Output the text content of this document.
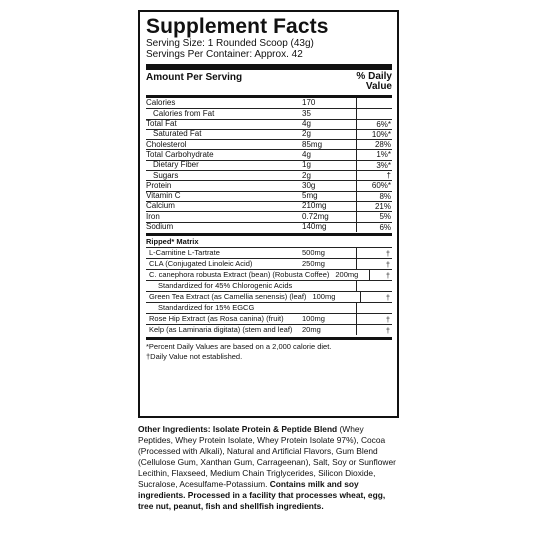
Supplement Facts
Serving Size: 1 Rounded Scoop (43g)
Servings Per Container: Approx. 42
Amount Per Serving	% Daily
Value
Calories	170
Calories from Fat	35
Total Fat	4g	6%*
Saturated Fat	2g	10%*
Cholesterol	85mg	28%
Total Carbohydrate	4g	1%*
Dietary Fiber	1g	3%*
Sugars	2g	†
Protein	30g	60%*
Vitamin C	5mg	8%
Calcium	210mg	21%
Iron	0.72mg	5%
Sodium	140mg	6%
Ripped* Matrix
L-Carnitine L-Tartrate	500mg	†
CLA (Conjugated Linoleic Acid)	250mg	†
C. canephora robusta Extract (bean) (Robusta Coffee) 200mg	†
Standardized for 45% Chlorogenic Acids
Green Tea Extract (as Camellia senensis) (leaf) 100mg	†
Standardized for 15% EGCG
Rose Hip Extract (as Rosa canina) (fruit)	100mg	†
Kelp (as Laminaria digitata) (stem and leaf)	20mg	†
*Percent Daily Values are based on a 2,000 calorie diet.
†Daily Value not established.
Other Ingredients: Isolate Protein & Peptide Blend (Whey Peptides, Whey Protein Isolate, Whey Protein Isolate 97%), Cocoa (Processed with Alkali), Natural and Artificial Flavors, Gum Blend (Cellulose Gum, Xanthan Gum, Carrageenan), Salt, Soy or Sunflower Lecithin, Flaxseed, Medium Chain Triglycerides, Silicon Dioxide, Sucralose, Acesulfame-Potassium. Contains milk and soy ingredients. Processed in a facility that processes wheat, egg, tree nut, peanut, fish and shellfish ingredients.
